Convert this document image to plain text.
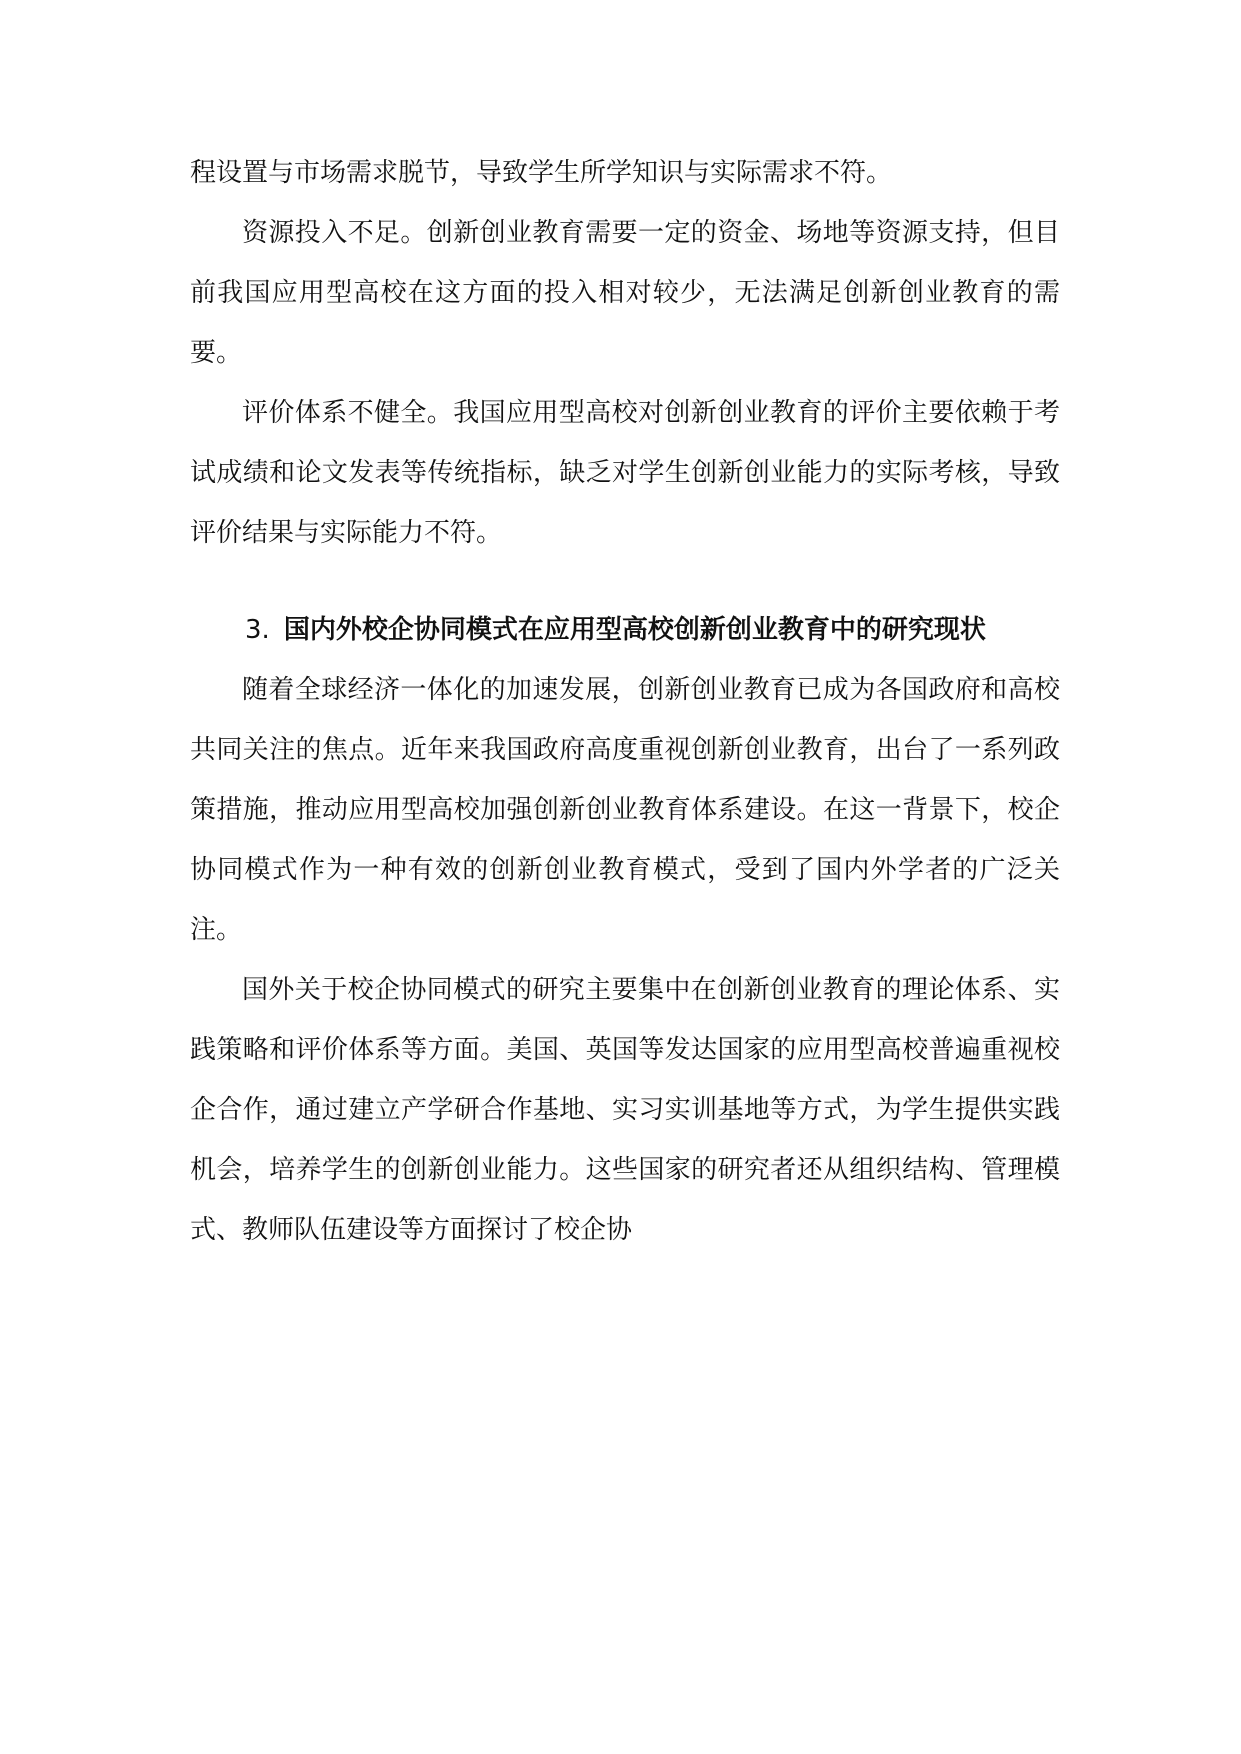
程设置与市场需求脱节，导致学生所学知识与实际需求不符。

资源投入不足。创新创业教育需要一定的资金、场地等资源支持，但目前我国应用型高校在这方面的投入相对较少，无法满足创新创业教育的需要。

评价体系不健全。我国应用型高校对创新创业教育的评价主要依赖于考试成绩和论文发表等传统指标，缺乏对学生创新创业能力的实际考核，导致评价结果与实际能力不符。

3. 国内外校企协同模式在应用型高校创新创业教育中的研究现状

随着全球经济一体化的加速发展，创新创业教育已成为各国政府和高校共同关注的焦点。近年来我国政府高度重视创新创业教育，出台了一系列政策措施，推动应用型高校加强创新创业教育体系建设。在这一背景下，校企协同模式作为一种有效的创新创业教育模式，受到了国内外学者的广泛关注。

国外关于校企协同模式的研究主要集中在创新创业教育的理论体系、实践策略和评价体系等方面。美国、英国等发达国家的应用型高校普遍重视校企合作，通过建立产学研合作基地、实习实训基地等方式，为学生提供实践机会，培养学生的创新创业能力。这些国家的研究者还从组织结构、管理模式、教师队伍建设等方面探讨了校企协
